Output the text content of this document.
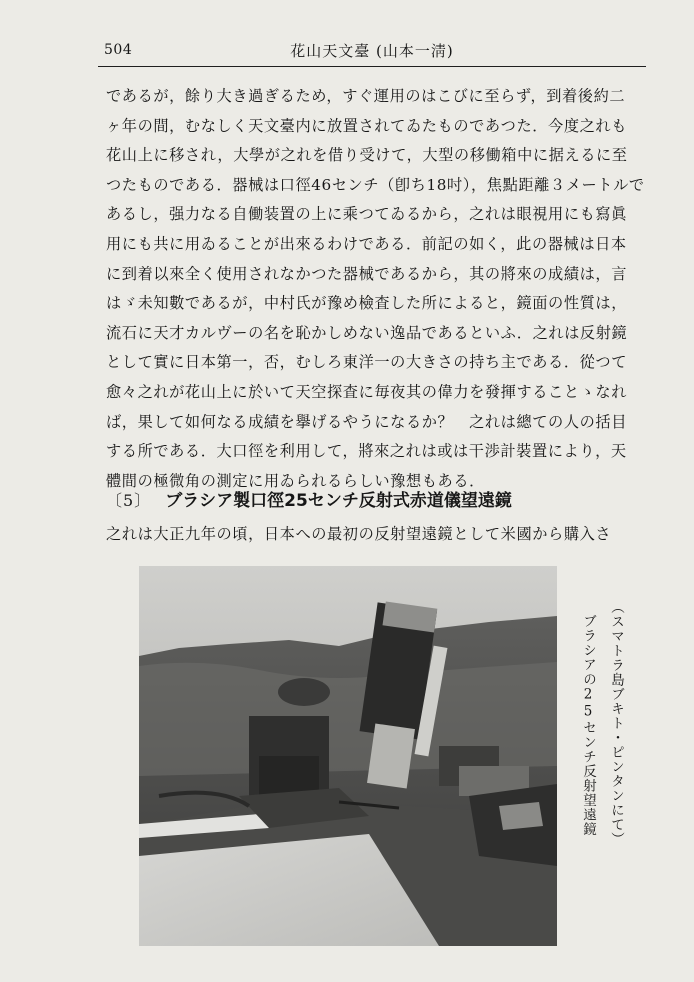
504	花山天文臺 (山本一淸)
であるが，餘り大き過ぎるため，すぐ運用のはこびに至らず，到着後約二
ヶ年の間，むなしく天文臺内に放置されてゐたものであつた．今度之れも
花山上に移され，大學が之れを借り受けて，大型の移働箱中に据えるに至
つたものである．器械は口徑46センチ（卽ち18吋），焦點距離３メートルで
あるし，强力なる自働装置の上に乘つてゐるから，之れは眼視用にも寫眞
用にも共に用ゐることが出來るわけである．前記の如く，此の器械は日本
に到着以來全く使用されなかつた器械であるから，其の將來の成績は，言
はゞ未知數であるが，中村氏が豫め檢査した所によると，鏡面の性質は，
流石に天才カルヴーの名を恥かしめない逸品であるといふ．之れは反射鏡
として實に日本第一，否，むしろ東洋一の大きさの持ち主である．從つて
愈々之れが花山上に於いて天空探査に毎夜其の偉力を發揮することゝなれ
ば，果して如何なる成績を擧げるやうになるか？　之れは總ての人の括目
する所である．大口徑を利用して，將來之れは或は干渉計裝置により，天
體間の極微角の測定に用ゐられるらしい豫想もある．
〔5〕 ブラシア製口徑25センチ反射式赤道儀望遠鏡
之れは大正九年の頃，日本への最初の反射望遠鏡として米國から購入さ
（スマトラ島ブキト・ピンタンにて）
ブラシアの25センチ反射望遠鏡
